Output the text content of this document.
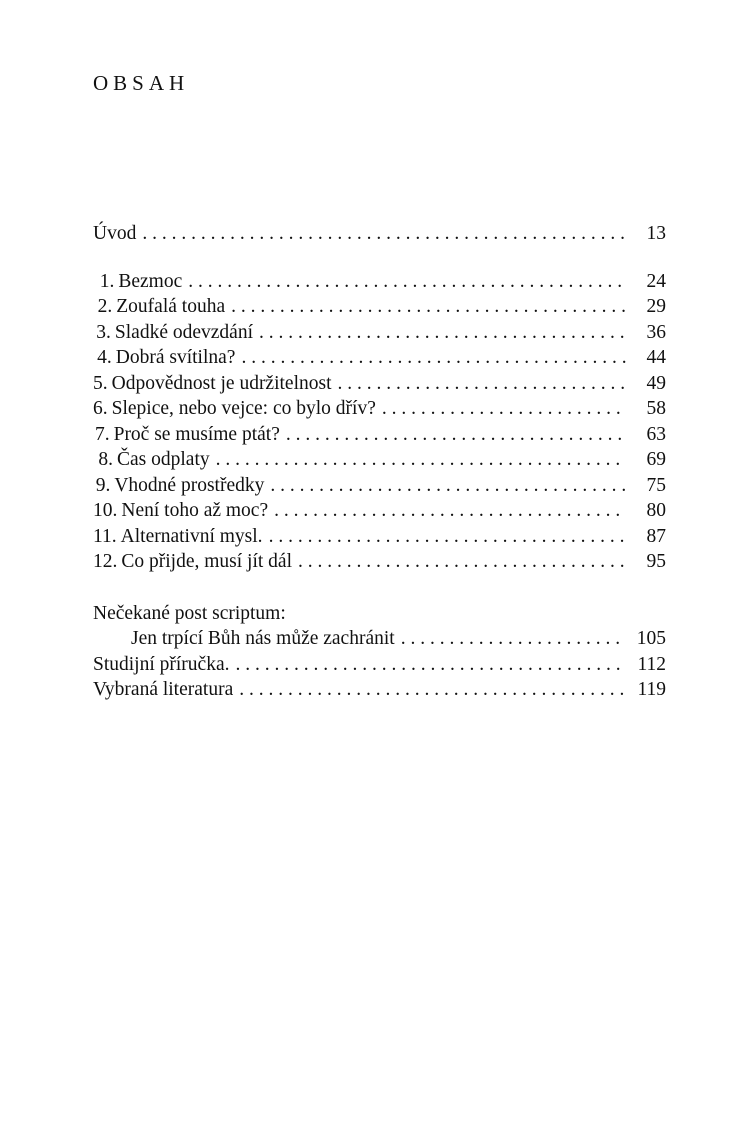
OBSAH
Úvod . . .	13
1. Bezmoc . . .	24
2. Zoufalá touha . . .	29
3. Sladké odevzdání . . .	36
4. Dobrá svítilna? . . .	44
5. Odpovědnost je udržitelnost . . .	49
6. Slepice, nebo vejce: co bylo dřív? . . .	58
7. Proč se musíme ptát? . . .	63
8. Čas odplaty . . .	69
9. Vhodné prostředky . . .	75
10. Není toho až moc? . . .	80
11. Alternativní mysl. . . .	87
12. Co přijde, musí jít dál . . .	95
Nečekané post scriptum:
Jen trpící Bůh nás může zachránit . . .	105
Studijní příručka. . . .	112
Vybraná literatura . . .	119
